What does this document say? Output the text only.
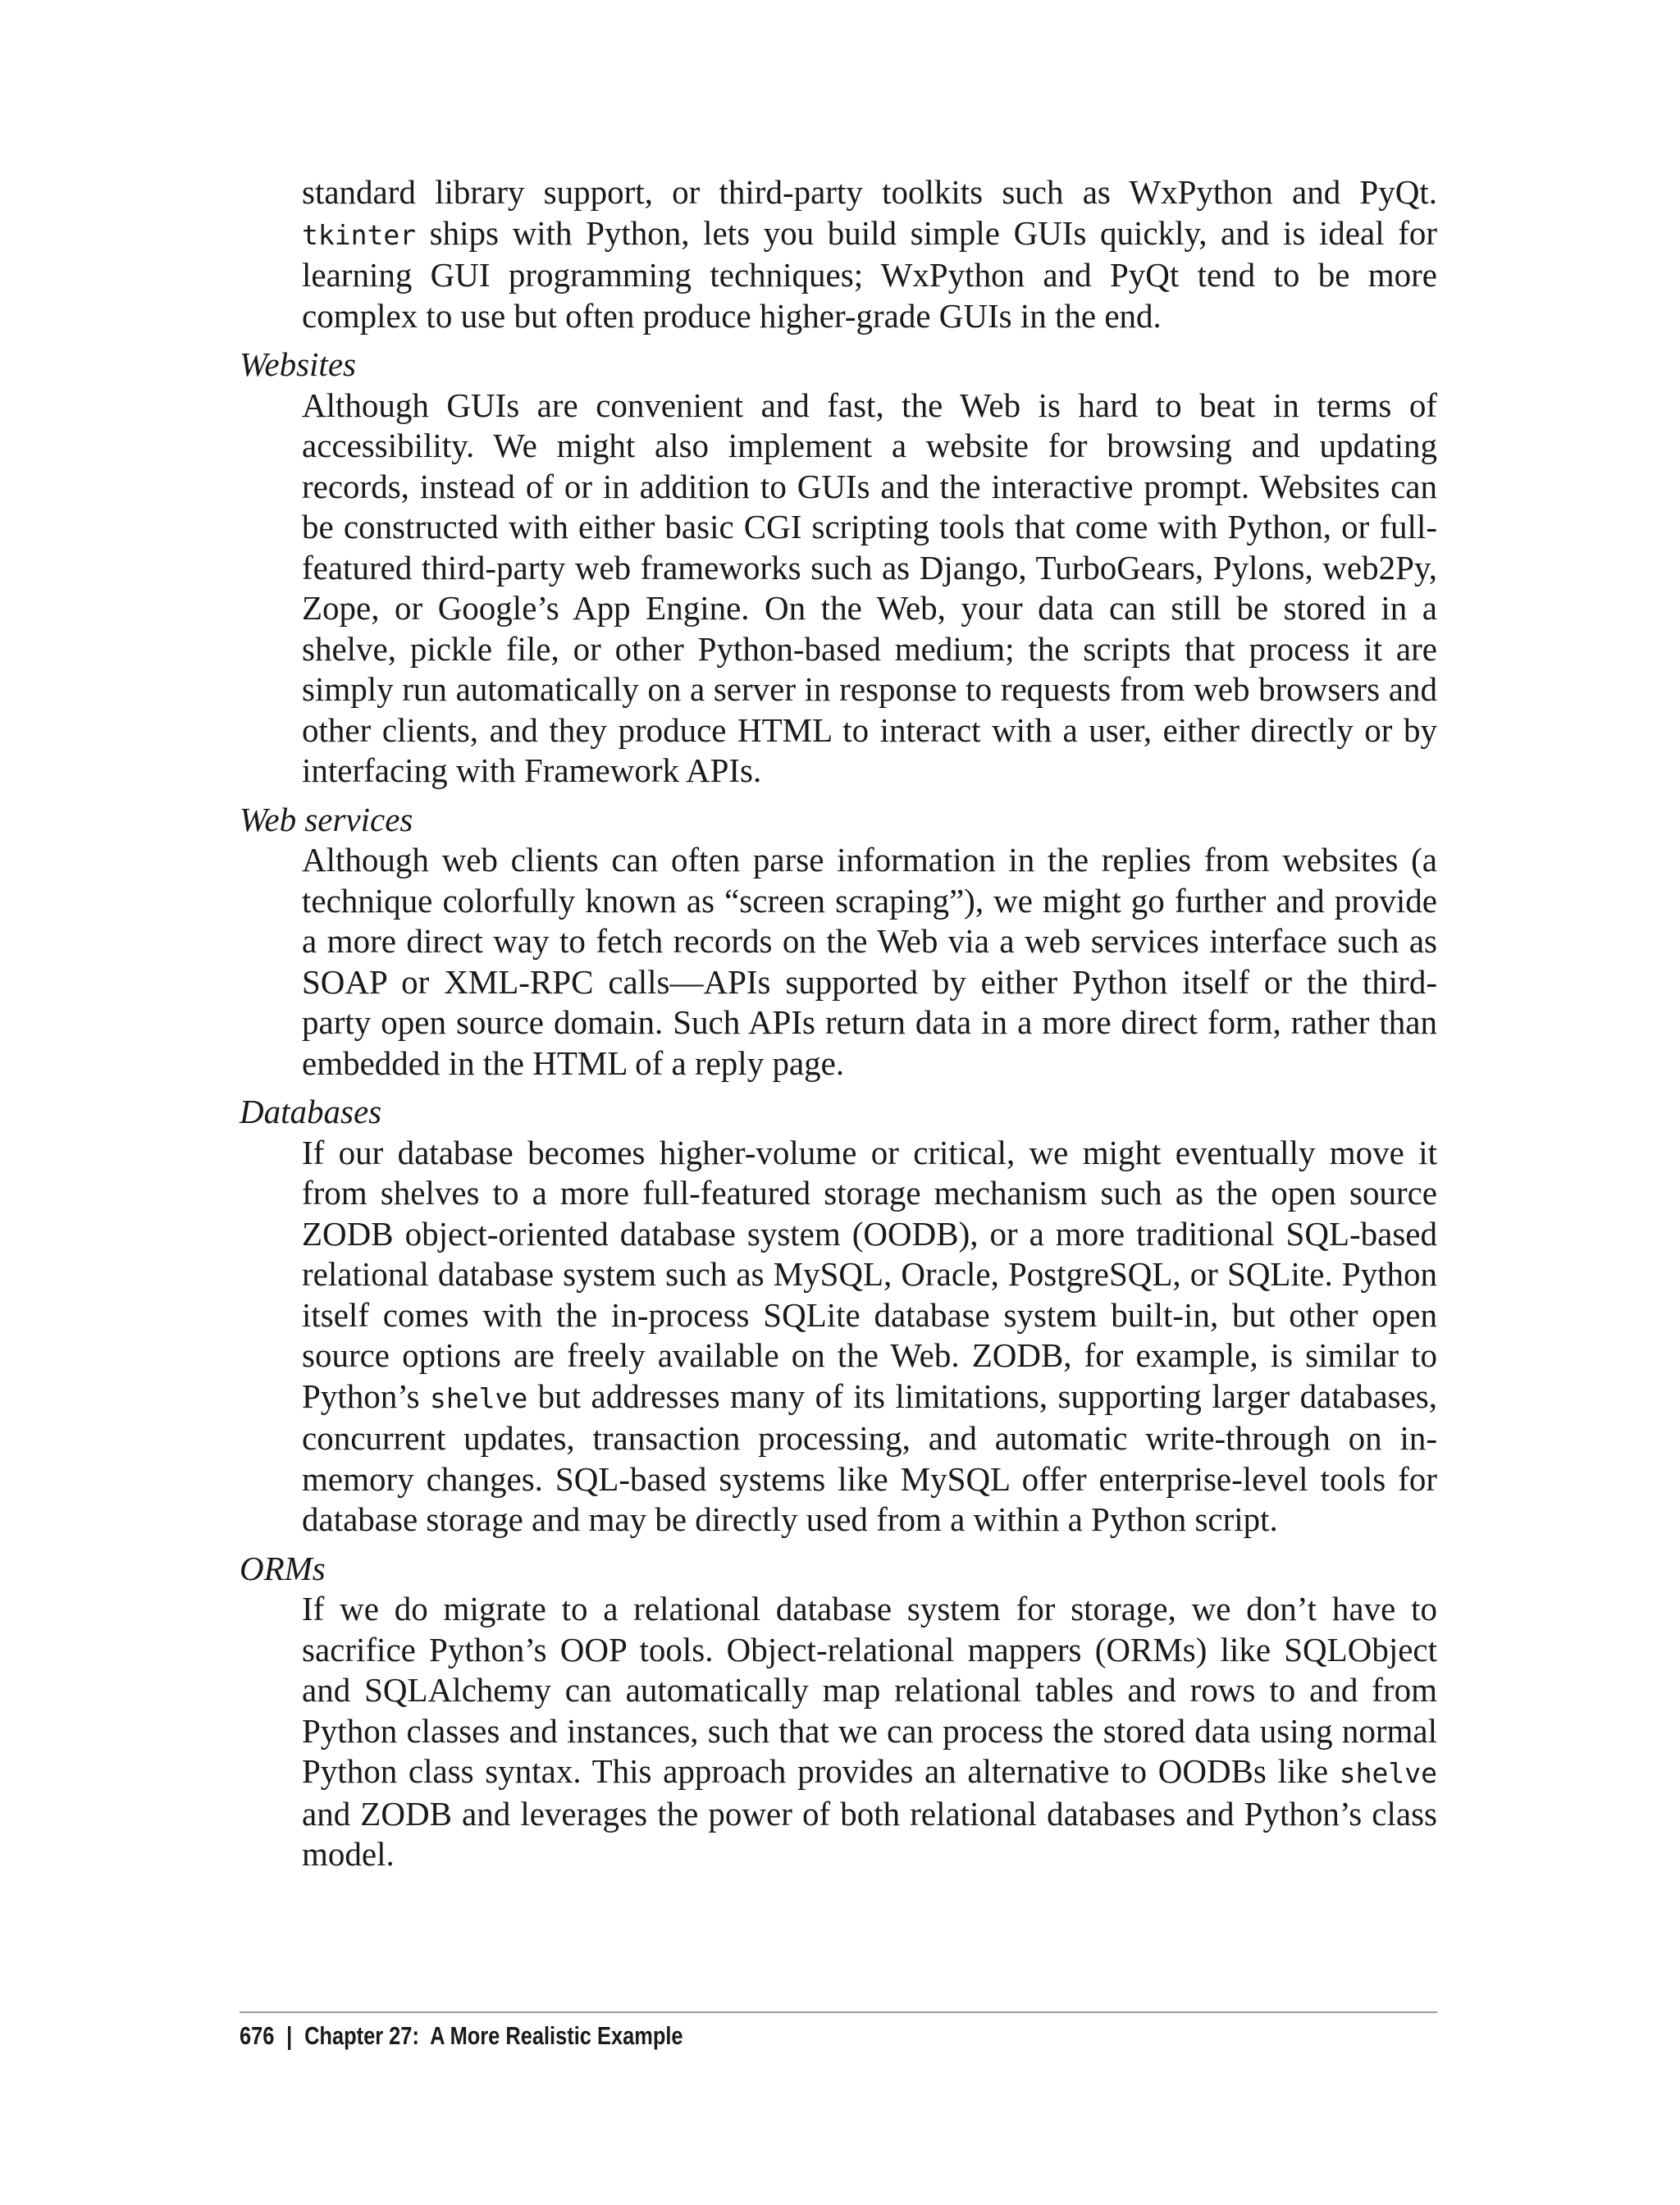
standard library support, or third-party toolkits such as WxPython and PyQt. tkinter ships with Python, lets you build simple GUIs quickly, and is ideal for learning GUI programming techniques; WxPython and PyQt tend to be more complex to use but often produce higher-grade GUIs in the end.

Websites

Although GUIs are convenient and fast, the Web is hard to beat in terms of accessibility. We might also implement a website for browsing and updating records, instead of or in addition to GUIs and the interactive prompt. Websites can be constructed with either basic CGI scripting tools that come with Python, or full-featured third-party web frameworks such as Django, TurboGears, Pylons, web2Py, Zope, or Google’s App Engine. On the Web, your data can still be stored in a shelve, pickle file, or other Python-based medium; the scripts that process it are simply run automatically on a server in response to requests from web browsers and other clients, and they produce HTML to interact with a user, either directly or by interfacing with Framework APIs.

Web services

Although web clients can often parse information in the replies from websites (a technique colorfully known as “screen scraping”), we might go further and provide a more direct way to fetch records on the Web via a web services interface such as SOAP or XML-RPC calls—APIs supported by either Python itself or the third-party open source domain. Such APIs return data in a more direct form, rather than embedded in the HTML of a reply page.

Databases

If our database becomes higher-volume or critical, we might eventually move it from shelves to a more full-featured storage mechanism such as the open source ZODB object-oriented database system (OODB), or a more traditional SQL-based relational database system such as MySQL, Oracle, PostgreSQL, or SQLite. Python itself comes with the in-process SQLite database system built-in, but other open source options are freely available on the Web. ZODB, for example, is similar to Python’s shelve but addresses many of its limitations, supporting larger databases, concurrent updates, transaction processing, and automatic write-through on in-memory changes. SQL-based systems like MySQL offer enterprise-level tools for database storage and may be directly used from a within a Python script.

ORMs

If we do migrate to a relational database system for storage, we don’t have to sacrifice Python’s OOP tools. Object-relational mappers (ORMs) like SQLObject and SQLAlchemy can automatically map relational tables and rows to and from Python classes and instances, such that we can process the stored data using normal Python class syntax. This approach provides an alternative to OODBs like shelve and ZODB and leverages the power of both relational databases and Python’s class model.

676 | Chapter 27:  A More Realistic Example
